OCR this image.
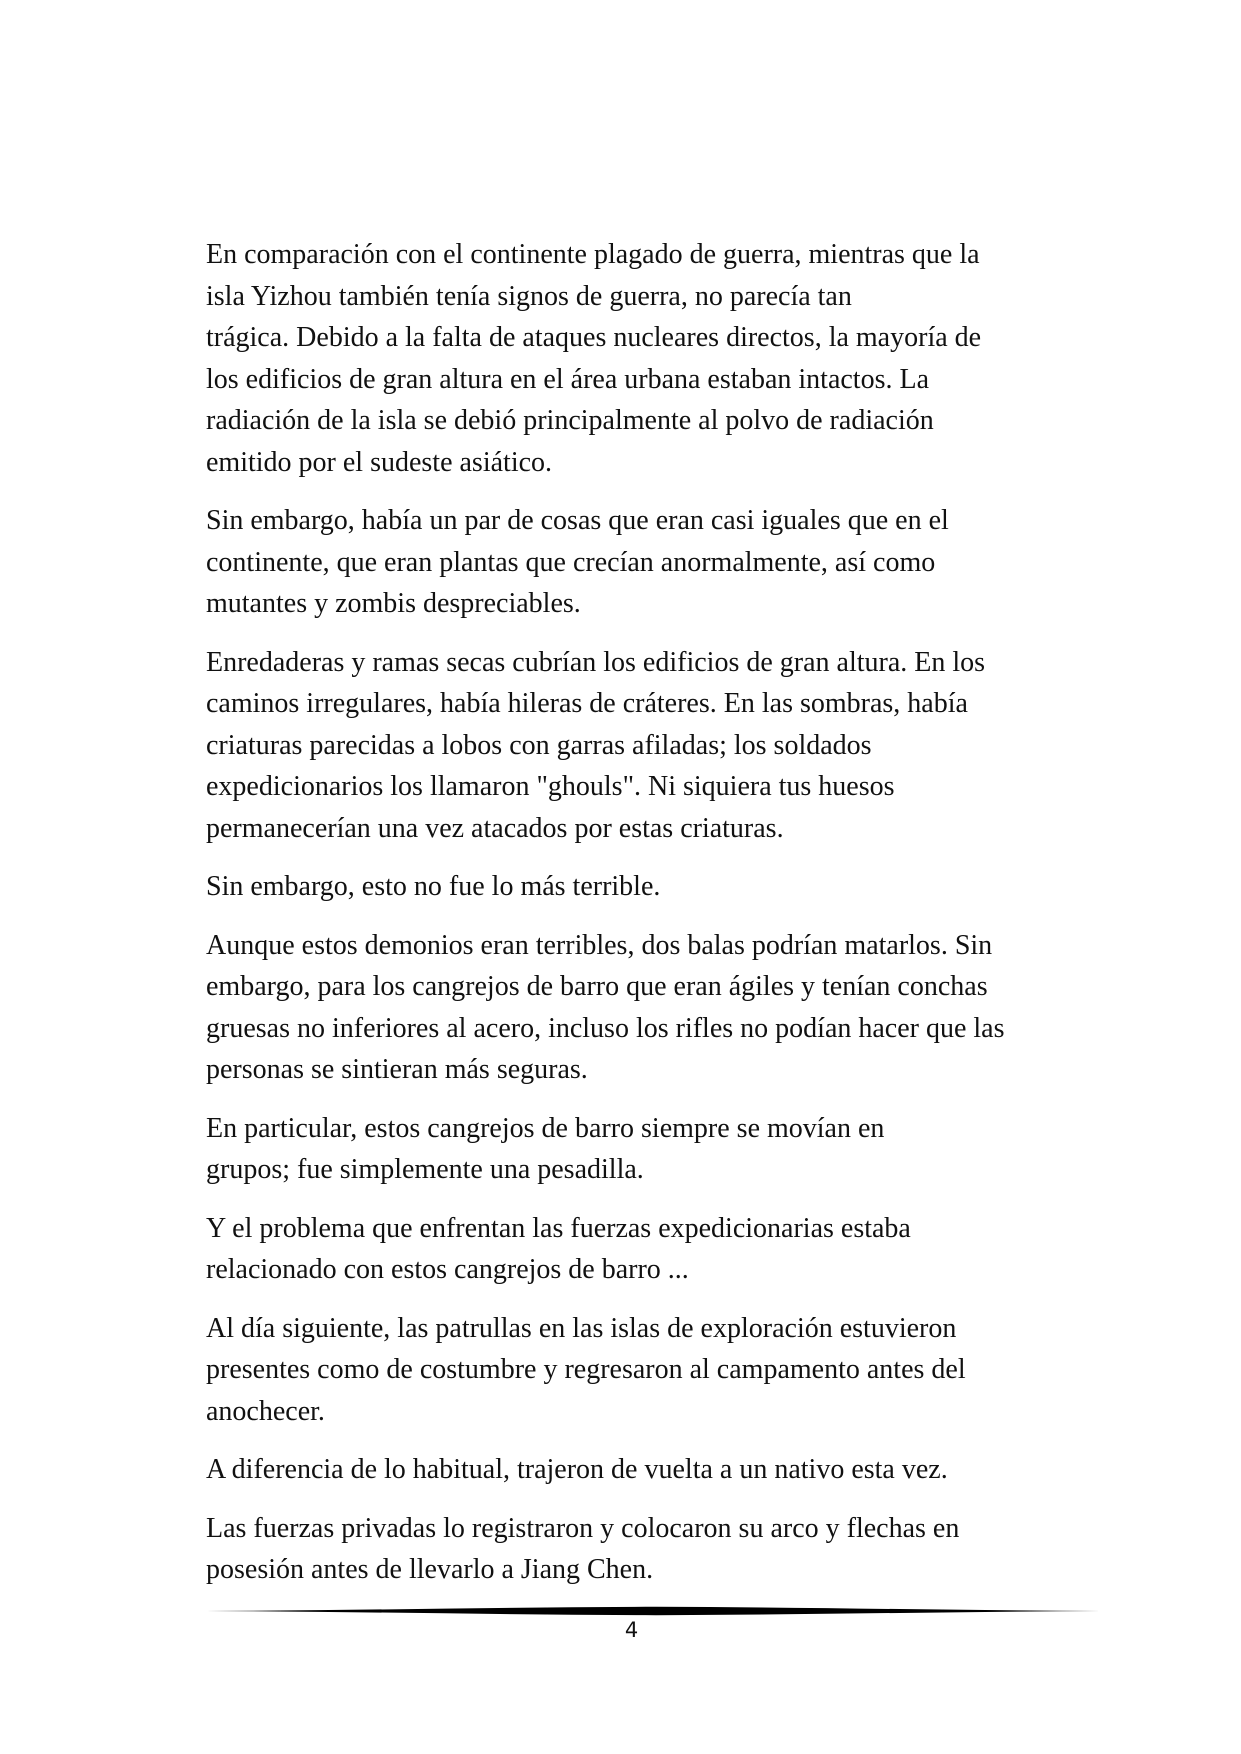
En comparación con el continente plagado de guerra, mientras que la
isla Yizhou también tenía signos de guerra, no parecía tan
trágica. Debido a la falta de ataques nucleares directos, la mayoría de
los edificios de gran altura en el área urbana estaban intactos. La
radiación de la isla se debió principalmente al polvo de radiación
emitido por el sudeste asiático.

Sin embargo, había un par de cosas que eran casi iguales que en el
continente, que eran plantas que crecían anormalmente, así como
mutantes y zombis despreciables.

Enredaderas y ramas secas cubrían los edificios de gran altura. En los
caminos irregulares, había hileras de cráteres. En las sombras, había
criaturas parecidas a lobos con garras afiladas; los soldados
expedicionarios los llamaron "ghouls". Ni siquiera tus huesos
permanecerían una vez atacados por estas criaturas.

Sin embargo, esto no fue lo más terrible.

Aunque estos demonios eran terribles, dos balas podrían matarlos. Sin
embargo, para los cangrejos de barro que eran ágiles y tenían conchas
gruesas no inferiores al acero, incluso los rifles no podían hacer que las
personas se sintieran más seguras.

En particular, estos cangrejos de barro siempre se movían en
grupos; fue simplemente una pesadilla.

Y el problema que enfrentan las fuerzas expedicionarias estaba
relacionado con estos cangrejos de barro ...

Al día siguiente, las patrullas en las islas de exploración estuvieron
presentes como de costumbre y regresaron al campamento antes del
anochecer.

A diferencia de lo habitual, trajeron de vuelta a un nativo esta vez.

Las fuerzas privadas lo registraron y colocaron su arco y flechas en
posesión antes de llevarlo a Jiang Chen.

4
